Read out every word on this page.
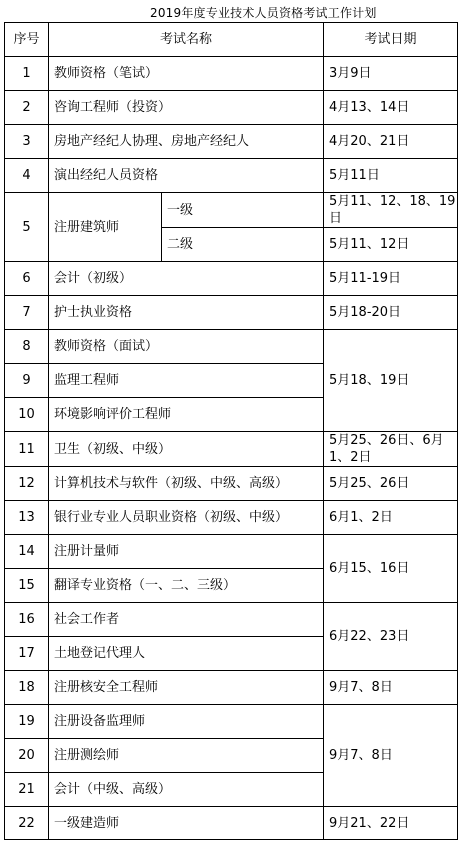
2019年度专业技术人员资格考试工作计划
序号	考试名称		考试日期
1	教师资格（笔试）		3月9日
2	咨询工程师（投资）		4月13、14日
3	房地产经纪人协理、房地产经纪人		4月20、21日
4	演出经纪人员资格		5月11日
5	注册建筑师	一级	5月11、12、18、19日
		二级	5月11、12日
6	会计（初级）		5月11-19日
7	护士执业资格		5月18-20日
8	教师资格（面试）		5月18、19日
9	监理工程师		
10	环境影响评价工程师		
11	卫生（初级、中级）		5月25、26日、6月1、2日
12	计算机技术与软件（初级、中级、高级）		5月25、26日
13	银行业专业人员职业资格（初级、中级）		6月1、2日
14	注册计量师		6月15、16日
15	翻译专业资格（一、二、三级）		
16	社会工作者		6月22、23日
17	土地登记代理人		
18	注册核安全工程师		9月7、8日
19	注册设备监理师		9月7、8日
20	注册测绘师		
21	会计（中级、高级）		
22	一级建造师		9月21、22日
